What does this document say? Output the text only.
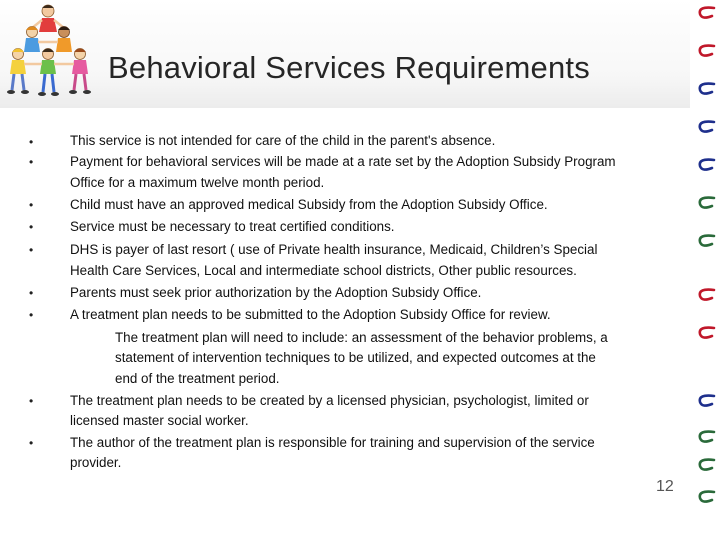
Behavioral Services Requirements
•	This service is not intended for care of the child in the parent's absence.
•	Payment for behavioral services will be made at a rate set by the Adoption Subsidy Program
Office for a maximum twelve month period.
•	Child must have an approved medical Subsidy from the Adoption Subsidy Office.
•	Service must be necessary to treat certified conditions.
•	DHS is payer of last resort ( use of Private health insurance, Medicaid, Children’s Special
Health Care Services, Local and intermediate school districts, Other public resources.
•	Parents must seek prior authorization by the Adoption Subsidy Office.
•	A treatment plan needs to be submitted to the Adoption Subsidy Office for review.
The treatment plan will need to include: an assessment of the behavior problems, a
statement of intervention techniques to be utilized, and expected outcomes at the
end of the treatment period.
•	The treatment plan needs to be created by a licensed physician, psychologist, limited or
licensed master social worker.
•	The author of the treatment plan is responsible for training and supervision of the service
provider.
12
